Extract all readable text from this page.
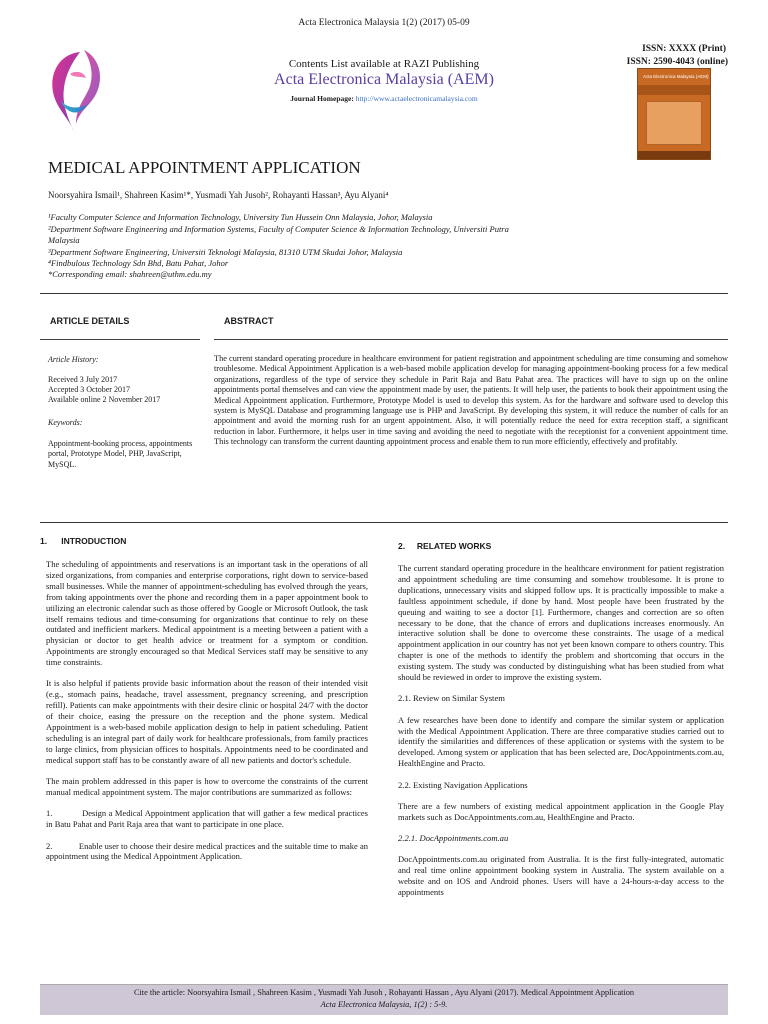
Acta Electronica Malaysia 1(2) (2017) 05-09
Contents List available at RAZI Publishing
Acta Electronica Malaysia (AEM)
Journal Homepage: http://www.actaelectronicamalaysia.com
ISSN: XXXX (Print)
ISSN: 2590-4043 (online)
Acta Electronica Malaysia (AEM)
MEDICAL APPOINTMENT APPLICATION
Noorsyahira Ismail¹, Shahreen Kasim¹*, Yusmadi Yah Jusoh², Rohayanti Hassan³, Ayu Alyani⁴
¹Faculty Computer Science and Information Technology, University Tun Hussein Onn Malaysia, Johor, Malaysia
²Department Software Engineering and Information Systems, Faculty of Computer Science & Information Technology, Universiti Putra
Malaysia
³Department Software Engineering, Universiti Teknologi Malaysia, 81310 UTM Skudai Johor, Malaysia
⁴Findbulous Technology Sdn Bhd, Batu Pahat, Johor
*Corresponding email: shahreen@uthm.edu.my
ARTICLE DETAILS	ABSTRACT
Article History:
Received 3 July 2017
Accepted 3 October 2017
Available online 2 November 2017
Keywords:
Appointment-booking process, appointments portal, Prototype Model, PHP, JavaScript, MySQL.
The current standard operating procedure in healthcare environment for patient registration and appointment scheduling are time consuming and somehow troublesome. Medical Appointment Application is a web-based mobile application develop for managing appointment-booking process for a few medical organizations, regardless of the type of service they schedule in Parit Raja and Batu Pahat area. The practices will have to sign up on the online appointments portal themselves and can view the appointment made by user, the patients. It will help user, the patients to book their appointment using the Medical Appointment application. Furthermore, Prototype Model is used to develop this system. As for the hardware and software used to develop this system is MySQL Database and programming language use is PHP and JavaScript. By developing this system, it will reduce the number of calls for an appointment and avoid the morning rush for an urgent appointment. Also, it will potentially reduce the need for extra reception staff, a significant reduction in labor. Furthermore, it helps user in time saving and avoiding the need to negotiate with the receptionist for a convenient appointment time. This technology can transform the current daunting appointment process and enable them to run more efficiently, effectively and profitably.
1.      INTRODUCTION

The scheduling of appointments and reservations is an important task in the operations of all sized organizations, from companies and enterprise corporations, right down to service-based small businesses. While the manner of appointment-scheduling has evolved through the years, from taking appointments over the phone and recording them in a paper appointment book to utilizing an electronic calendar such as those offered by Google or Microsoft Outlook, the task itself remains tedious and time-consuming for organizations that continue to rely on these outdated and inefficient markers. Medical appointment is a meeting between a patient with a physician or doctor to get health advice or treatment for a symptom or condition. Appointments are strongly encouraged so that Medical Services staff may be sensitive to any time constraints.

It is also helpful if patients provide basic information about the reason of their intended visit (e.g., stomach pains, headache, travel assessment, pregnancy screening, and prescription refill). Patients can make appointments with their desire clinic or hospital 24/7 with the doctor of their choice, easing the pressure on the reception and the phone system. Medical Appointment is a web-based mobile application design to help in patient scheduling. Patient scheduling is an integral part of daily work for healthcare professionals, from family practices to large clinics, from physician offices to hospitals. Appointments need to be coordinated and medical support staff has to be constantly aware of all new patients and doctor's schedule.

The main problem addressed in this paper is how to overcome the constraints of the current manual medical appointment system. The major contributions are summarized as follows:

1.            Design a Medical Appointment application that will gather a few medical practices in Batu Pahat and Parit Raja area that want to participate in one place.

2.            Enable user to choose their desire medical practices and the suitable time to make an appointment using the Medical Appointment Application.

2.     RELATED WORKS

The current standard operating procedure in the healthcare environment for patient registration and appointment scheduling are time consuming and somehow troublesome. It is prone to duplications, unnecessary visits and skipped follow ups. It is practically impossible to make a faultless appointment schedule, if done by hand. Most people have been frustrated by the queuing and waiting to see a doctor [1]. Furthermore, changes and correction are so often necessary to be done, that the chance of errors and duplications increases enormously. An interactive solution shall be done to overcome these constraints. The usage of a medical appointment application in our country has not yet been known compare to others country. This chapter is one of the methods to identify the problem and shortcoming that occurs in the existing system. The study was conducted by distinguishing what has been studied from what should be reviewed in order to improve the existing system.

2.1. Review on Similar System

A few researches have been done to identify and compare the similar system or application with the Medical Appointment Application. There are three comparative studies carried out to identify the similarities and differences of these application or systems with the system to be developed. Among system or application that has been selected are, DocAppointments.com.au, HealthEngine and Practo.

2.2. Existing Navigation Applications

There are a few numbers of existing medical appointment application in the Google Play markets such as DocAppointments.com.au, HealthEngine and Practo.

2.2.1. DocAppointments.com.au

DocAppointments.com.au originated from Australia. It is the first fully-integrated, automatic and real time online appointment booking system in Australia. The system available on a website and on IOS and Android phones. Users will have a 24-hours-a-day access to the appointments

Cite the article: Noorsyahira Ismail , Shahreen Kasim , Yusmadi Yah Jusoh , Rohayanti Hassan , Ayu Alyani (2017). Medical Appointment Application
Acta Electronica Malaysia, 1(2) : 5-9.
